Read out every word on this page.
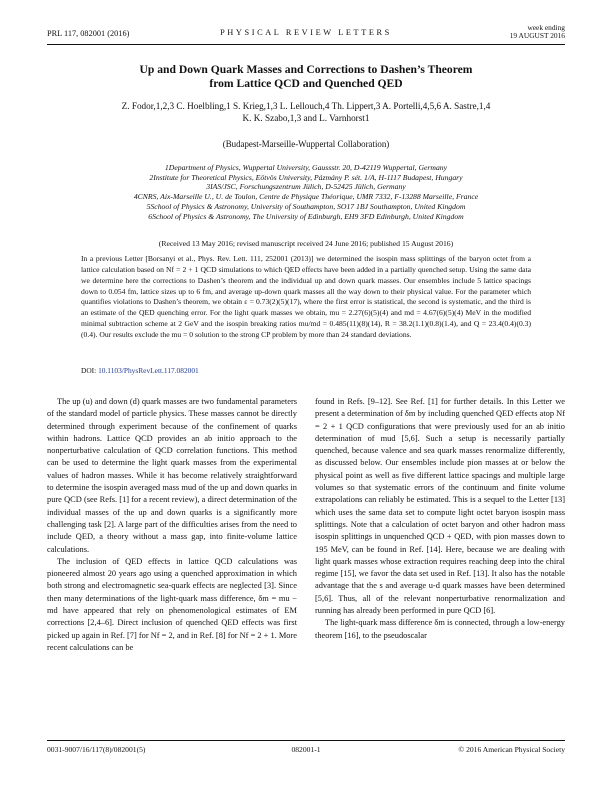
PRL 117, 082001 (2016)	PHYSICAL REVIEW LETTERS
week ending
19 AUGUST 2016
Up and Down Quark Masses and Corrections to Dashen’s Theorem
from Lattice QCD and Quenched QED
Z. Fodor,1,2,3 C. Hoelbling,1 S. Krieg,1,3 L. Lellouch,4 Th. Lippert,3 A. Portelli,4,5,6 A. Sastre,1,4
K. K. Szabo,1,3 and L. Varnhorst1
(Budapest-Marseille-Wuppertal Collaboration)
1Department of Physics, Wuppertal University, Gaussstr. 20, D-42119 Wuppertal, Germany
2Institute for Theoretical Physics, Eötvös University, Pázmány P. sét. 1/A, H-1117 Budapest, Hungary
3IAS/JSC, Forschungszentrum Jülich, D-52425 Jülich, Germany
4CNRS, Aix-Marseille U., U. de Toulon, Centre de Physique Théorique, UMR 7332, F-13288 Marseille, France
5School of Physics & Astronomy, University of Southampton, SO17 1BJ Southampton, United Kingdom
6School of Physics & Astronomy, The University of Edinburgh, EH9 3FD Edinburgh, United Kingdom
(Received 13 May 2016; revised manuscript received 24 June 2016; published 15 August 2016)
In a previous Letter [Borsanyi et al., Phys. Rev. Lett. 111, 252001 (2013)] we determined the isospin mass splittings of the baryon octet from a lattice calculation based on Nf = 2 + 1 QCD simulations to which QED effects have been added in a partially quenched setup. Using the same data we determine here the corrections to Dashen’s theorem and the individual up and down quark masses. Our ensembles include 5 lattice spacings down to 0.054 fm, lattice sizes up to 6 fm, and average up-down quark masses all the way down to their physical value. For the parameter which quantifies violations to Dashen’s theorem, we obtain ε = 0.73(2)(5)(17), where the first error is statistical, the second is systematic, and the third is an estimate of the QED quenching error. For the light quark masses we obtain, mu = 2.27(6)(5)(4) and md = 4.67(6)(5)(4) MeV in the modified minimal subtraction scheme at 2 GeV and the isospin breaking ratios mu/md = 0.485(11)(8)(14), R = 38.2(1.1)(0.8)(1.4), and Q = 23.4(0.4)(0.3)(0.4). Our results exclude the mu = 0 solution to the strong CP problem by more than 24 standard deviations.
DOI: 10.1103/PhysRevLett.117.082001

The up (u) and down (d) quark masses are two fundamental parameters of the standard model of particle physics. These masses cannot be directly determined through experiment because of the confinement of quarks within hadrons. Lattice QCD provides an ab initio approach to the nonperturbative calculation of QCD correlation functions. This method can be used to determine the light quark masses from the experimental values of hadron masses. While it has become relatively straightforward to determine the isospin averaged mass mud of the up and down quarks in pure QCD (see Refs. [1] for a recent review), a direct determination of the individual masses of the up and down quarks is a significantly more challenging task [2]. A large part of the difficulties arises from the need to include QED, a theory without a mass gap, into finite-volume lattice calculations.

The inclusion of QED effects in lattice QCD calculations was pioneered almost 20 years ago using a quenched approximation in which both strong and electromagnetic sea-quark effects are neglected [3]. Since then many determinations of the light-quark mass difference, δm = mu − md have appeared that rely on phenomenological estimates of EM corrections [2,4–6]. Direct inclusion of quenched QED effects was first picked up again in Ref. [7] for Nf = 2, and in Ref. [8] for Nf = 2 + 1. More recent calculations can be

found in Refs. [9–12]. See Ref. [1] for further details. In this Letter we present a determination of δm by including quenched QED effects atop Nf = 2 + 1 QCD configurations that were previously used for an ab initio determination of mud [5,6]. Such a setup is necessarily partially quenched, because valence and sea quark masses renormalize differently, as discussed below. Our ensembles include pion masses at or below the physical point as well as five different lattice spacings and multiple large volumes so that systematic errors of the continuum and finite volume extrapolations can reliably be estimated. This is a sequel to the Letter [13] which uses the same data set to compute light octet baryon isospin mass splittings. Note that a calculation of octet baryon and other hadron mass isospin splittings in unquenched QCD + QED, with pion masses down to 195 MeV, can be found in Ref. [14]. Here, because we are dealing with light quark masses whose extraction requires reaching deep into the chiral regime [15], we favor the data set used in Ref. [13]. It also has the notable advantage that the s and average u-d quark masses have been determined [5,6]. Thus, all of the relevant nonperturbative renormalization and running has already been performed in pure QCD [6].

The light-quark mass difference δm is connected, through a low-energy theorem [16], to the pseudoscalar

0031-9007/16/117(8)/082001(5)	082001-1	© 2016 American Physical Society
